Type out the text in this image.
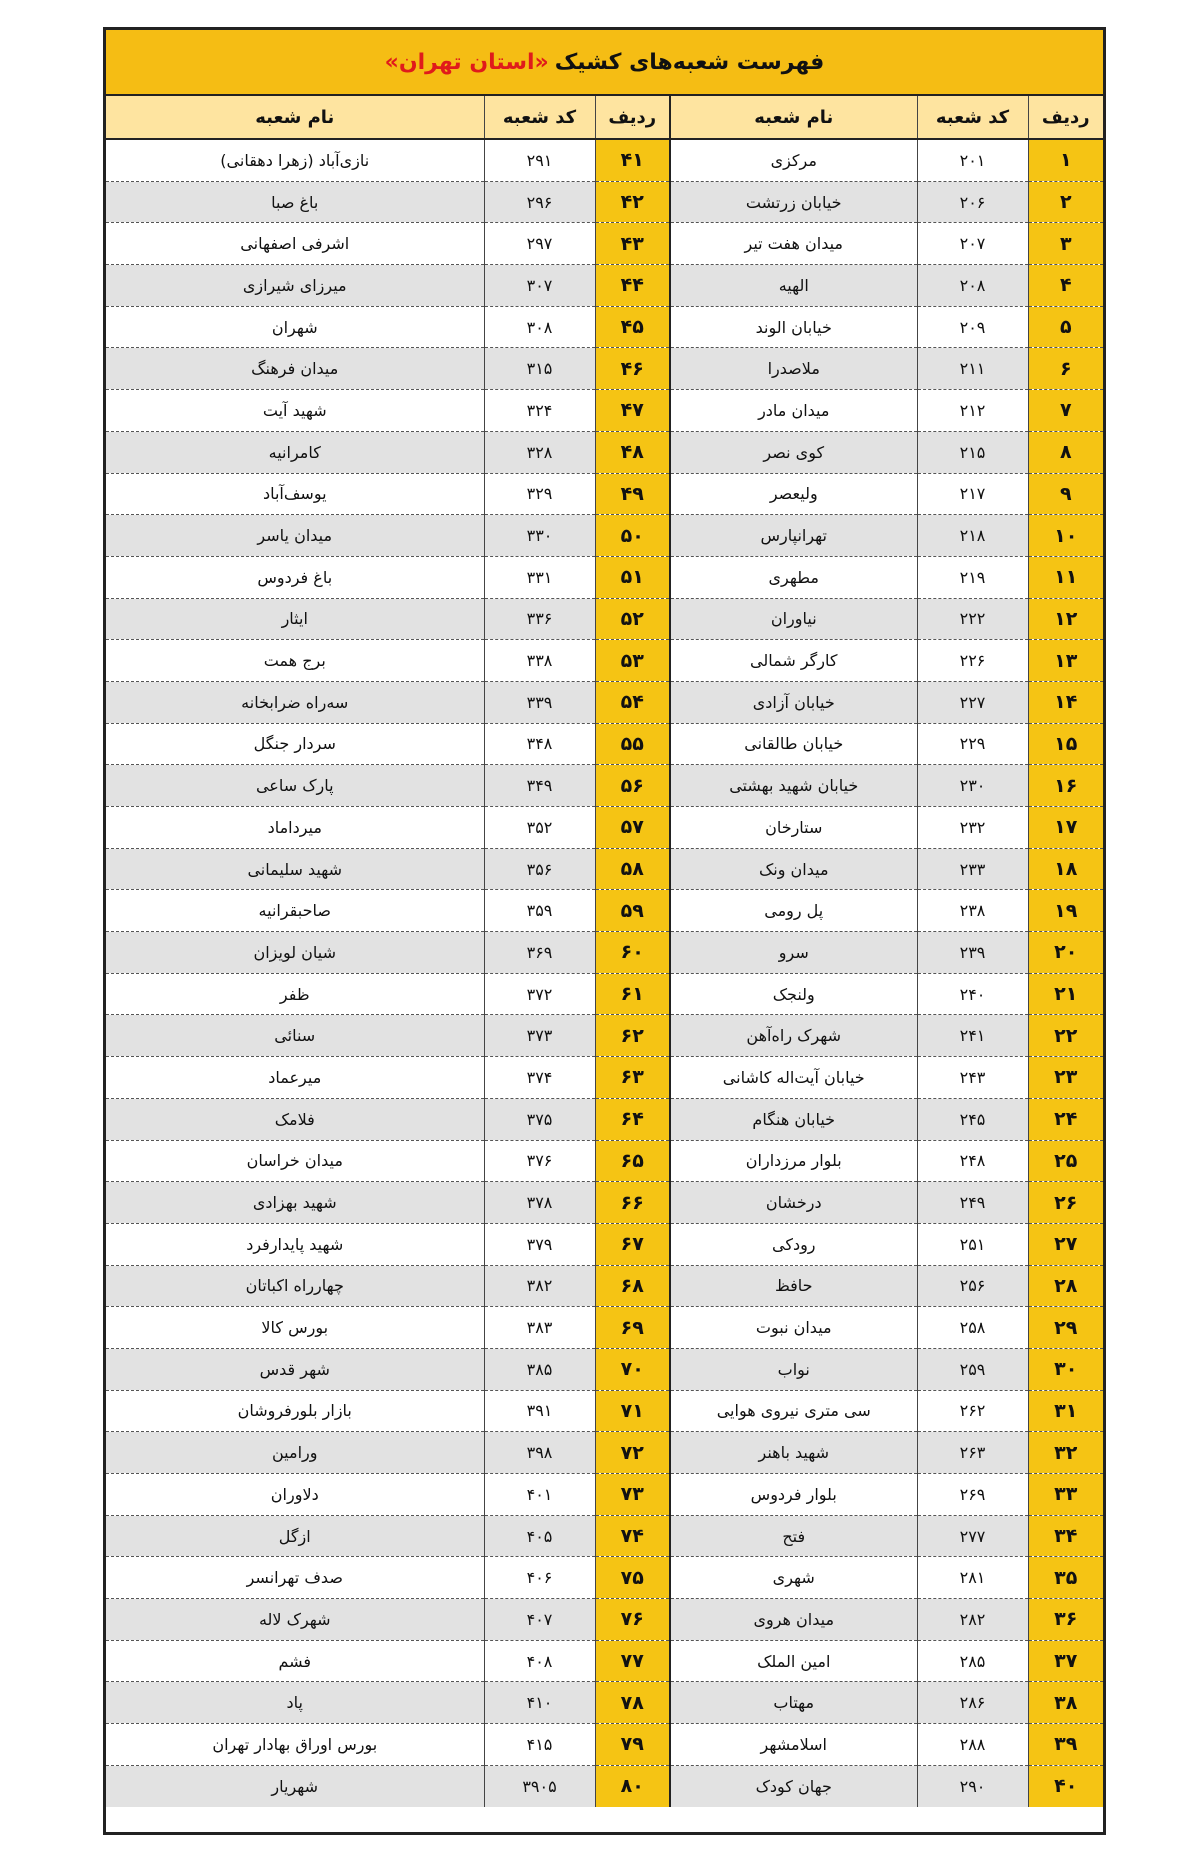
فهرست شعبه‌های کشیک
«استان تهران»
ردیف	کد شعبه	نام شعبه	ردیف	کد شعبه	نام شعبه
۱	۲۰۱	مرکزی	۴۱	۲۹۱	نازی‌آباد (زهرا دهقانی)
۲	۲۰۶	خیابان زرتشت	۴۲	۲۹۶	باغ صبا
۳	۲۰۷	میدان هفت تیر	۴۳	۲۹۷	اشرفی اصفهانی
۴	۲۰۸	الهیه	۴۴	۳۰۷	میرزای شیرازی
۵	۲۰۹	خیابان الوند	۴۵	۳۰۸	شهران
۶	۲۱۱	ملاصدرا	۴۶	۳۱۵	میدان فرهنگ
۷	۲۱۲	میدان مادر	۴۷	۳۲۴	شهید آیت
۸	۲۱۵	کوی نصر	۴۸	۳۲۸	کامرانیه
۹	۲۱۷	ولیعصر	۴۹	۳۲۹	یوسف‌آباد
۱۰	۲۱۸	تهرانپارس	۵۰	۳۳۰	میدان یاسر
۱۱	۲۱۹	مطهری	۵۱	۳۳۱	باغ فردوس
۱۲	۲۲۲	نیاوران	۵۲	۳۳۶	ایثار
۱۳	۲۲۶	کارگر شمالی	۵۳	۳۳۸	برج همت
۱۴	۲۲۷	خیابان آزادی	۵۴	۳۳۹	سه‌راه ضرابخانه
۱۵	۲۲۹	خیابان طالقانی	۵۵	۳۴۸	سردار جنگل
۱۶	۲۳۰	خیابان شهید بهشتی	۵۶	۳۴۹	پارک ساعی
۱۷	۲۳۲	ستارخان	۵۷	۳۵۲	میرداماد
۱۸	۲۳۳	میدان ونک	۵۸	۳۵۶	شهید سلیمانی
۱۹	۲۳۸	پل رومی	۵۹	۳۵۹	صاحبقرانیه
۲۰	۲۳۹	سرو	۶۰	۳۶۹	شیان لویزان
۲۱	۲۴۰	ولنجک	۶۱	۳۷۲	ظفر
۲۲	۲۴۱	شهرک راه‌آهن	۶۲	۳۷۳	سنائی
۲۳	۲۴۳	خیابان آیت‌اله کاشانی	۶۳	۳۷۴	میرعماد
۲۴	۲۴۵	خیابان هنگام	۶۴	۳۷۵	فلامک
۲۵	۲۴۸	بلوار مرزداران	۶۵	۳۷۶	میدان خراسان
۲۶	۲۴۹	درخشان	۶۶	۳۷۸	شهید بهزادی
۲۷	۲۵۱	رودکی	۶۷	۳۷۹	شهید پایدارفرد
۲۸	۲۵۶	حافظ	۶۸	۳۸۲	چهارراه اکباتان
۲۹	۲۵۸	میدان نبوت	۶۹	۳۸۳	بورس کالا
۳۰	۲۵۹	نواب	۷۰	۳۸۵	شهر قدس
۳۱	۲۶۲	سی متری نیروی هوایی	۷۱	۳۹۱	بازار بلورفروشان
۳۲	۲۶۳	شهید باهنر	۷۲	۳۹۸	ورامین
۳۳	۲۶۹	بلوار فردوس	۷۳	۴۰۱	دلاوران
۳۴	۲۷۷	فتح	۷۴	۴۰۵	ازگل
۳۵	۲۸۱	شهری	۷۵	۴۰۶	صدف تهرانسر
۳۶	۲۸۲	میدان هروی	۷۶	۴۰۷	شهرک لاله
۳۷	۲۸۵	امین الملک	۷۷	۴۰۸	فشم
۳۸	۲۸۶	مهتاب	۷۸	۴۱۰	پاد
۳۹	۲۸۸	اسلامشهر	۷۹	۴۱۵	بورس اوراق بهادار تهران
۴۰	۲۹۰	جهان کودک	۸۰	۳۹۰۵	شهریار
